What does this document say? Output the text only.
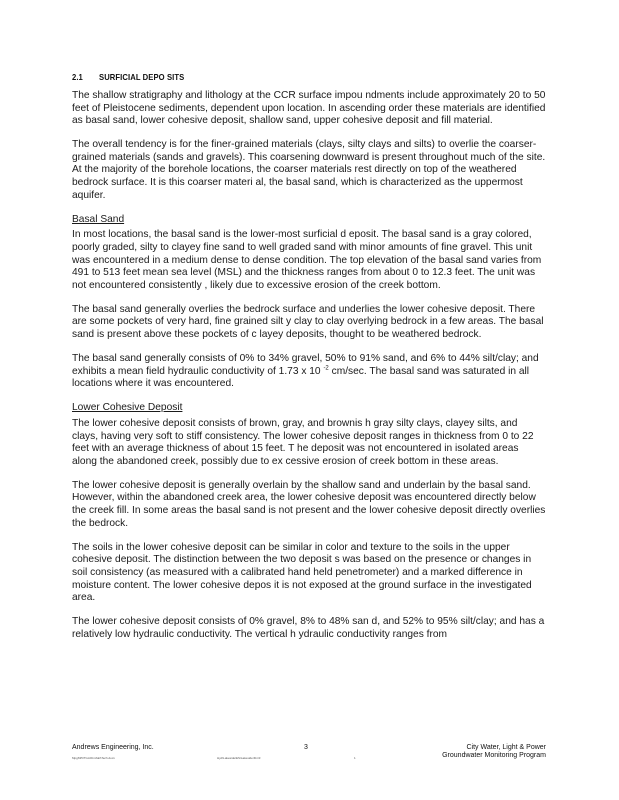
2.1 SURFICIAL DEPO SITS

The shallow stratigraphy and lithology at the CCR surface impou ndments include approximately 20 to 50 feet of Pleistocene sediments, dependent upon location. In ascending order these materials are identified as basal sand, lower cohesive deposit, shallow sand, upper cohesive deposit and fill material.

The overall tendency is for the finer-grained materials (clays, silty clays and silts) to overlie the coarser-grained materials (sands and gravels). This coarsening downward is present throughout much of the site. At the majority of the borehole locations, the coarser materials rest directly on top of the weathered bedrock surface. It is this coarser materi al, the basal sand, which is characterized as the uppermost aquifer.

Basal Sand

In most locations, the basal sand is the lower-most surficial d eposit. The basal sand is a gray colored, poorly graded, silty to clayey fine sand to well graded sand with minor amounts of fine gravel. This unit was encountered in a medium dense to dense condition. The top elevation of the basal sand varies from 491 to 513 feet mean sea level (MSL) and the thickness ranges from about 0 to 12.3 feet. The unit was not encountered consistently , likely due to excessive erosion of the creek bottom.

The basal sand generally overlies the bedrock surface and underlies the lower cohesive deposit. There are some pockets of very hard, fine grained silt y clay to clay overlying bedrock in a few areas. The basal sand is present above these pockets of c layey deposits, thought to be weathered bedrock.

The basal sand generally consists of 0% to 34% gravel, 50% to 91% sand, and 6% to 44% silt/clay; and exhibits a mean field hydraulic conductivity of 1.73 x 10 $^{-2}$ cm/sec. The basal sand was saturated in all locations where it was encountered.

Lower Cohesive Deposit

The lower cohesive deposit consists of brown, gray, and brownis h gray silty clays, clayey silts, and clays, having very soft to stiff consistency. The lower cohesive deposit ranges in thickness from 0 to 22 feet with an average thickness of about 15 feet. T he deposit was not encountered in isolated areas along the abandoned creek, possibly due to ex cessive erosion of creek bottom in these areas.

The lower cohesive deposit is generally overlain by the shallow sand and underlain by the basal sand. However, within the abandoned creek area, the lower cohesive deposit was encountered directly below the creek fill. In some areas the basal sand is not present and the lower cohesive deposit directly overlies the bedrock.

The soils in the lower cohesive deposit can be similar in color and texture to the soils in the upper cohesive deposit. The distinction between the two deposit s was based on the presence or changes in soil consistency (as measured with a calibrated hand held penetrometer) and a marked difference in moisture content. The lower cohesive depos it is not exposed at the ground surface in the investigated area.

The lower cohesive deposit consists of 0% gravel, 8% to 48% san d, and 52% to 95% silt/clay; and has a relatively low hydraulic conductivity. The vertical h ydraulic conductivity ranges from

Andrews Engineering, Inc.	3	City Water, Light & Power
Groundwater Monitoring Program
Mpg635\TGA\Fin\AEI\Tech.docx	Hyd\Lakeside\ES\Lakeside\Fin\3	1
